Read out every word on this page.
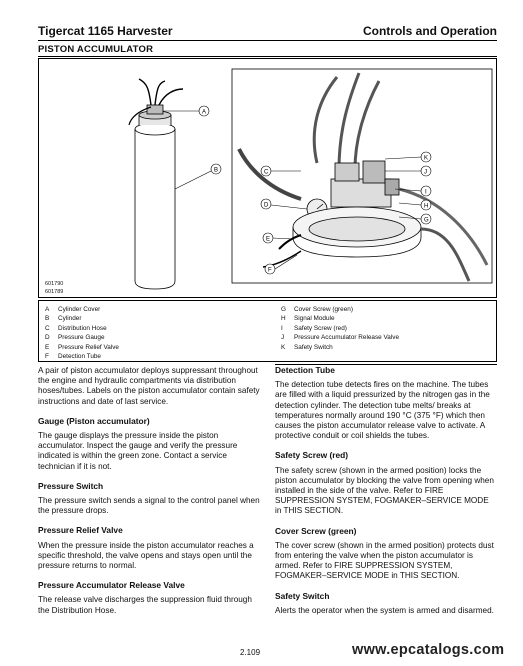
Tigercat 1165 Harvester	Controls and Operation
PISTON ACCUMULATOR
A
B	C
D
E
F
K
J
I
H
G
601790
601789
A Cylinder Cover
B Cylinder
C Distribution Hose
D Pressure Gauge
E Pressure Relief Valve
F Detection Tube
G Cover Screw (green)
H Signal Module
I Safety Screw (red)
J Pressure Accumulator Release Valve
K Safety Switch

A pair of piston accumulator deploys suppressant throughout the engine and hydraulic compartments via distribution hoses/tubes. Labels on the piston accumulator contain safety instructions and date of last service.

Gauge (Piston accumulator)

The gauge displays the pressure inside the piston accumulator. Inspect the gauge and verify the pressure indicated is within the green zone. Contact a service technician if it is not.

Pressure Switch

The pressure switch sends a signal to the control panel when the pressure drops.

Pressure Relief Valve

When the pressure inside the piston accumulator reaches a specific threshold, the valve opens and stays open until the pressure returns to normal.

Pressure Accumulator Release Valve

The release valve discharges the suppression fluid through the Distribution Hose.

Detection Tube

The detection tube detects fires on the machine. The tubes are filled with a liquid pressurized by the nitrogen gas in the detection cylinder. The detection tube melts/ breaks at temperatures normally around 190 °C (375 °F) which then causes the piston accumulator release valve to activate. A protective conduit or coil shields the tubes.

Safety Screw (red)

The safety screw (shown in the armed position) locks the piston accumulator by blocking the valve from opening when installed in the side of the valve. Refer to FIRE SUPPRESSION SYSTEM, FOGMAKER–SERVICE MODE in THIS SECTION.

Cover Screw (green)

The cover screw (shown in the armed position) protects dust from entering the valve when the piston accumulator is armed. Refer to FIRE SUPPRESSION SYSTEM, FOGMAKER–SERVICE MODE in THIS SECTION.

Safety Switch

Alerts the operator when the system is armed and disarmed.

2.109	www.epcatalogs.com
